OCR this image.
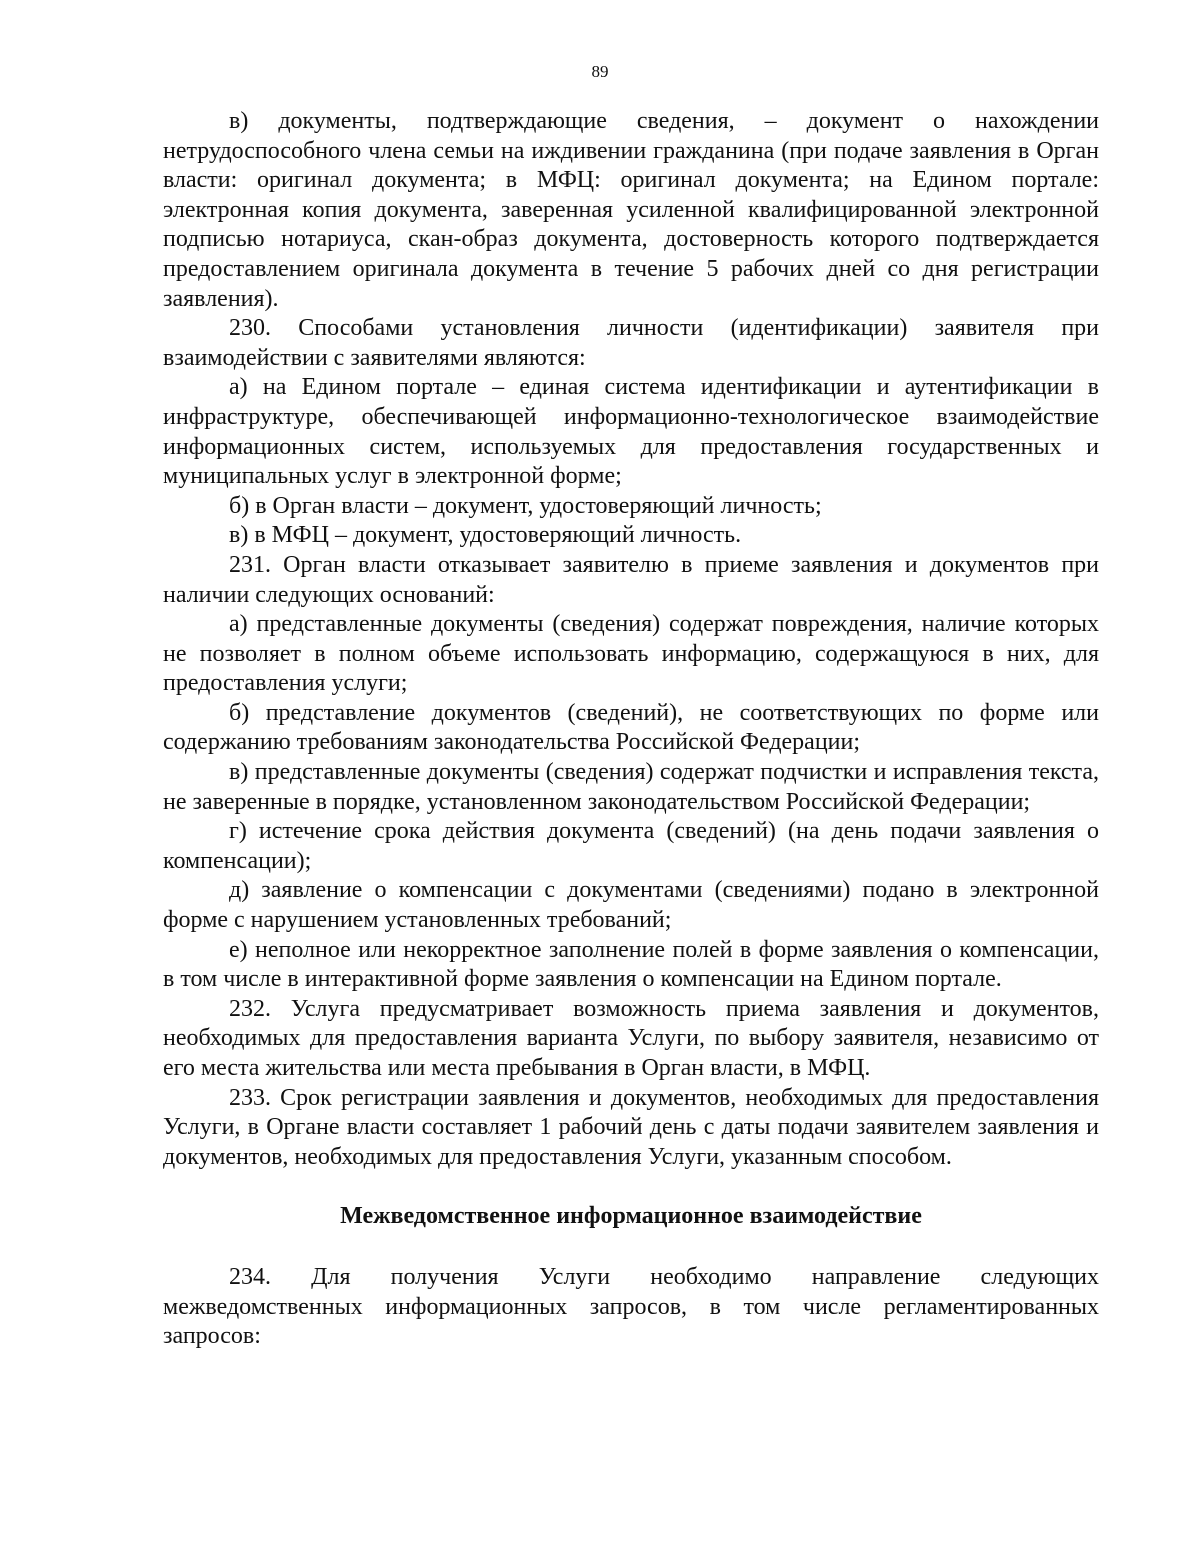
89

в) документы, подтверждающие сведения, – документ о нахождении нетрудоспособного члена семьи на иждивении гражданина (при подаче заявления в Орган власти: оригинал документа; в МФЦ: оригинал документа; на Едином портале: электронная копия документа, заверенная усиленной квалифицированной электронной подписью нотариуса, скан-образ документа, достоверность которого подтверждается предоставлением оригинала документа в течение 5 рабочих дней со дня регистрации заявления).

230. Способами установления личности (идентификации) заявителя при взаимодействии с заявителями являются:

а) на Едином портале – единая система идентификации и аутентификации в инфраструктуре, обеспечивающей информационно-технологическое взаимодействие информационных систем, используемых для предоставления государственных и муниципальных услуг в электронной форме;

б) в Орган власти – документ, удостоверяющий личность;

в) в МФЦ – документ, удостоверяющий личность.

231. Орган власти отказывает заявителю в приеме заявления и документов при наличии следующих оснований:

а) представленные документы (сведения) содержат повреждения, наличие которых не позволяет в полном объеме использовать информацию, содержащуюся в них, для предоставления услуги;

б) представление документов (сведений), не соответствующих по форме или содержанию требованиям законодательства Российской Федерации;

в) представленные документы (сведения) содержат подчистки и исправления текста, не заверенные в порядке, установленном законодательством Российской Федерации;

г) истечение срока действия документа (сведений) (на день подачи заявления о компенсации);

д) заявление о компенсации с документами (сведениями) подано в электронной форме с нарушением установленных требований;

е) неполное или некорректное заполнение полей в форме заявления о компенсации, в том числе в интерактивной форме заявления о компенсации на Едином портале.

232. Услуга предусматривает возможность приема заявления и документов, необходимых для предоставления варианта Услуги, по выбору заявителя, независимо от его места жительства или места пребывания в Орган власти, в МФЦ.

233. Срок регистрации заявления и документов, необходимых для предоставления Услуги, в Органе власти составляет 1 рабочий день с даты подачи заявителем заявления и документов, необходимых для предоставления Услуги, указанным способом.

Межведомственное информационное взаимодействие

234. Для получения Услуги необходимо направление следующих межведомственных информационных запросов, в том числе регламентированных запросов:
